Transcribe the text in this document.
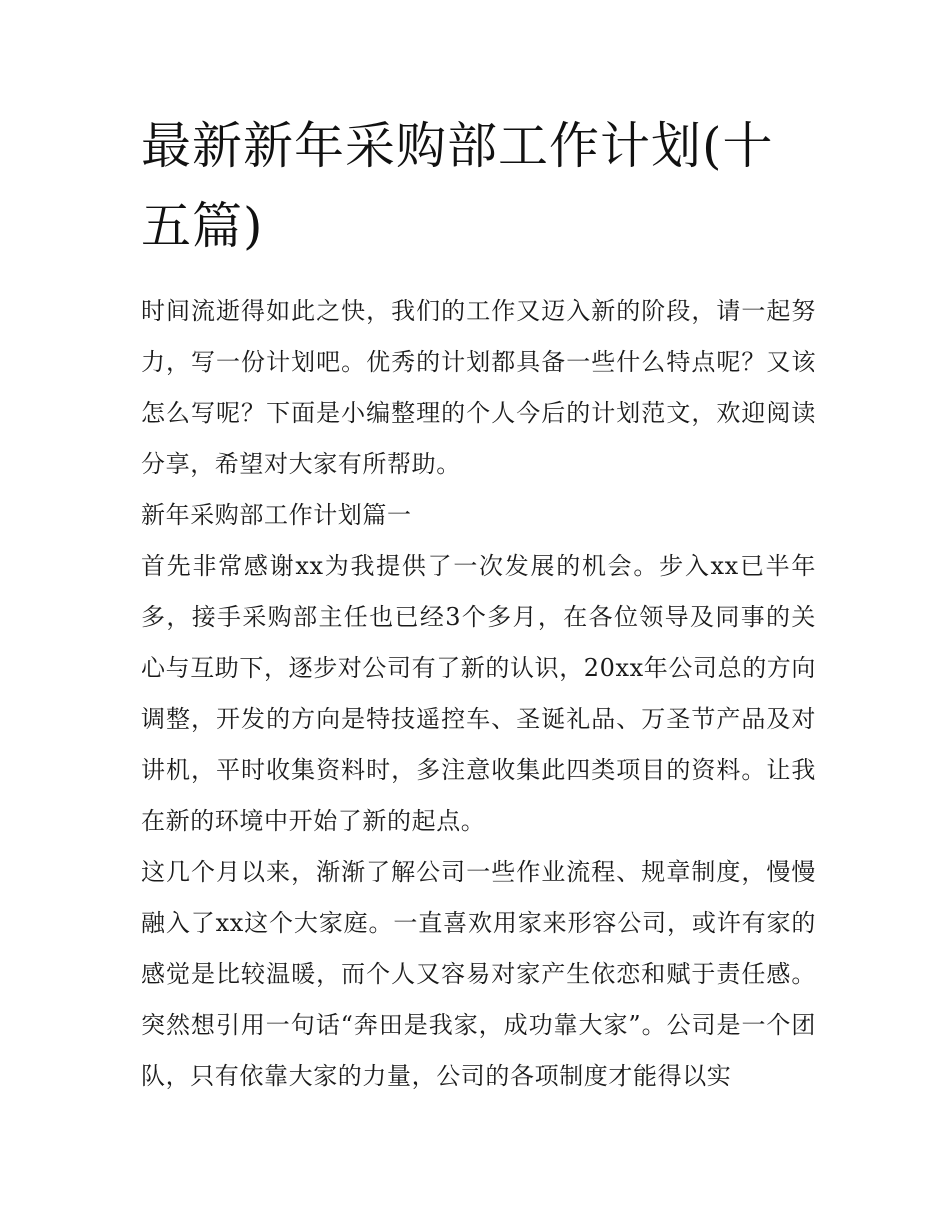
最新新年采购部工作计划(十五篇)

时间流逝得如此之快，我们的工作又迈入新的阶段，请一起努力，写一份计划吧。优秀的计划都具备一些什么特点呢？又该怎么写呢？下面是小编整理的个人今后的计划范文，欢迎阅读分享，希望对大家有所帮助。

新年采购部工作计划篇一

首先非常感谢xx为我提供了一次发展的机会。步入xx已半年多，接手采购部主任也已经3个多月，在各位领导及同事的关心与互助下，逐步对公司有了新的认识，20xx年公司总的方向调整，开发的方向是特技遥控车、圣诞礼品、万圣节产品及对讲机，平时收集资料时，多注意收集此四类项目的资料。让我在新的环境中开始了新的起点。

这几个月以来，渐渐了解公司一些作业流程、规章制度，慢慢融入了xx这个大家庭。一直喜欢用家来形容公司，或许有家的感觉是比较温暖，而个人又容易对家产生依恋和赋于责任感。突然想引用一句话“奔田是我家，成功靠大家”。公司是一个团队，只有依靠大家的力量，公司的各项制度才能得以实
